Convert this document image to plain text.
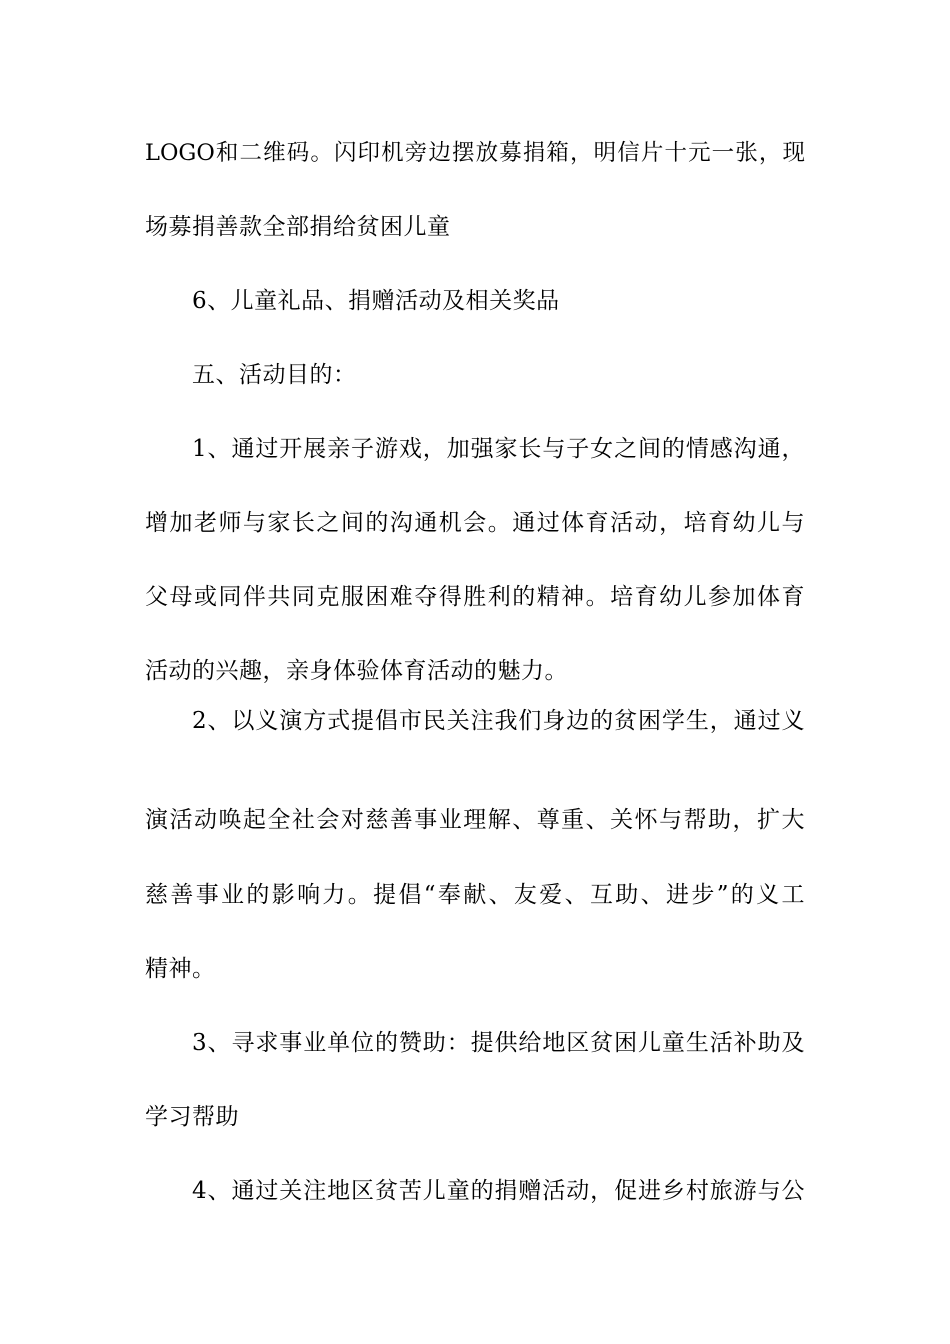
LOGO和二维码。闪印机旁边摆放募捐箱，明信片十元一张，现
场募捐善款全部捐给贫困儿童
6、儿童礼品、捐赠活动及相关奖品
五、活动目的：
1、通过开展亲子游戏，加强家长与子女之间的情感沟通，
增加老师与家长之间的沟通机会。通过体育活动，培育幼儿与
父母或同伴共同克服困难夺得胜利的精神。培育幼儿参加体育
活动的兴趣，亲身体验体育活动的魅力。
2、以义演方式提倡市民关注我们身边的贫困学生，通过义
演活动唤起全社会对慈善事业理解、尊重、关怀与帮助，扩大
慈善事业的影响力。提倡“奉献、友爱、互助、进步”的义工
精神。
3、寻求事业单位的赞助：提供给地区贫困儿童生活补助及
学习帮助
4、通过关注地区贫苦儿童的捐赠活动，促进乡村旅游与公
